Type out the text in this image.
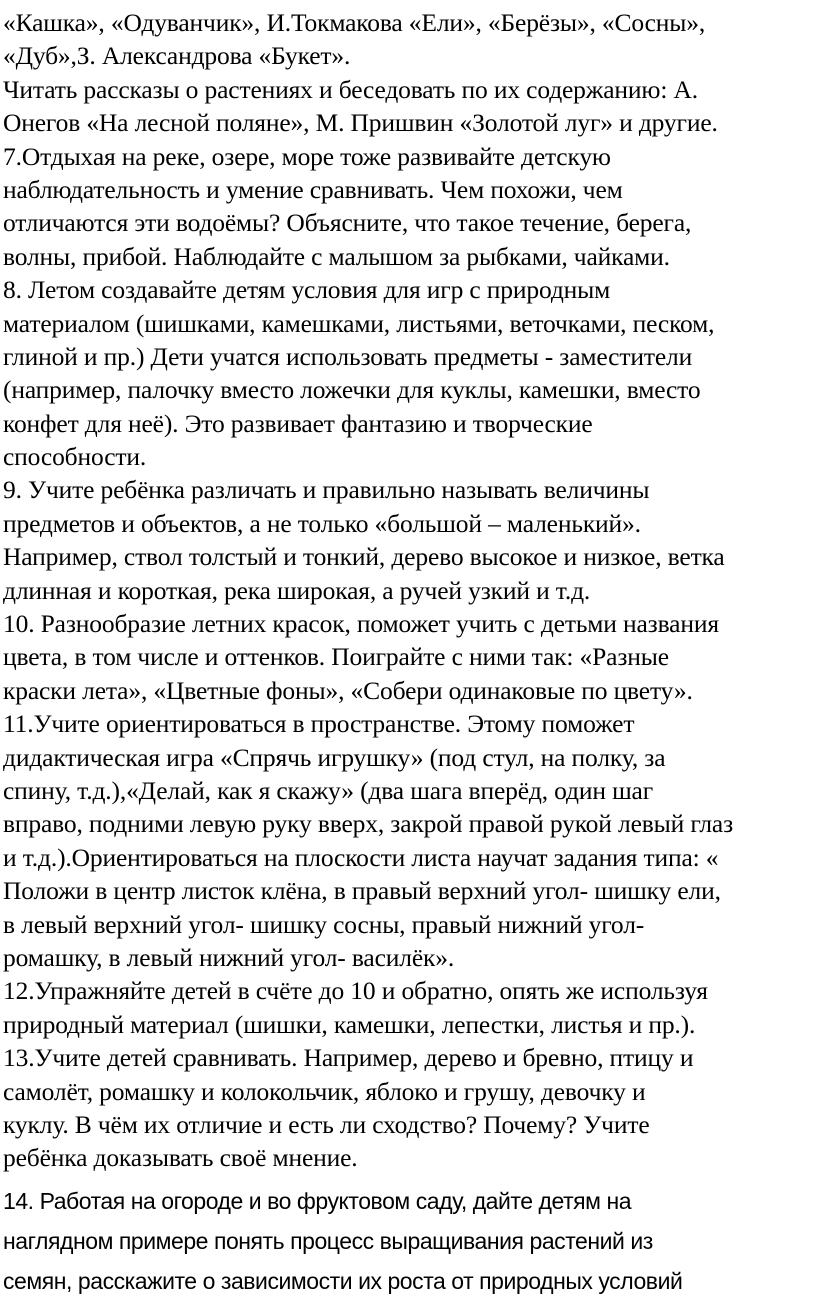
«Кашка», «Одуванчик», И.Токмакова «Ели», «Берёзы», «Сосны»,
«Дуб»,З. Александрова «Букет».
Читать рассказы о растениях и беседовать по их содержанию: А.
Онегов «На лесной поляне», М. Пришвин «Золотой луг» и другие.
7.Отдыхая на реке, озере, море тоже развивайте детскую
наблюдательность и умение сравнивать. Чем похожи, чем
отличаются эти водоёмы? Объясните, что такое течение, берега,
волны, прибой. Наблюдайте с малышом за рыбками, чайками.
8. Летом создавайте детям условия для игр с природным
материалом (шишками, камешками, листьями, веточками, песком,
глиной и пр.) Дети учатся использовать предметы - заместители
(например, палочку вместо ложечки для куклы, камешки, вместо
конфет для неё). Это развивает фантазию и творческие
способности.
9. Учите ребёнка различать и правильно называть величины
предметов и объектов, а не только «большой – маленький».
Например, ствол толстый и тонкий, дерево высокое и низкое, ветка
длинная и короткая, река широкая, а ручей узкий и т.д.
10. Разнообразие летних красок, поможет учить с детьми названия
цвета, в том числе и оттенков. Поиграйте с ними так: «Разные
краски лета», «Цветные фоны», «Собери одинаковые по цвету».
11.Учите ориентироваться в пространстве. Этому поможет
дидактическая игра «Спрячь игрушку» (под стул, на полку, за
спину, т.д.),«Делай, как я скажу» (два шага вперёд, один шаг
вправо, подними левую руку вверх, закрой правой рукой левый глаз
и т.д.).Ориентироваться на плоскости листа научат задания типа: «
Положи в центр листок клёна, в правый верхний угол- шишку ели,
в левый верхний угол- шишку сосны, правый нижний угол-
ромашку, в левый нижний угол- василёк».
12.Упражняйте детей в счёте до 10 и обратно, опять же используя
природный материал (шишки, камешки, лепестки, листья и пр.).
13.Учите детей сравнивать. Например, дерево и бревно, птицу и
самолёт, ромашку и колокольчик, яблоко и грушу, девочку и
куклу. В чём их отличие и есть ли сходство? Почему? Учите
ребёнка доказывать своё мнение.
14. Работая на огороде и во фруктовом саду, дайте детям на
наглядном примере понять процесс выращивания растений из
семян, расскажите о зависимости их роста от природных условий
